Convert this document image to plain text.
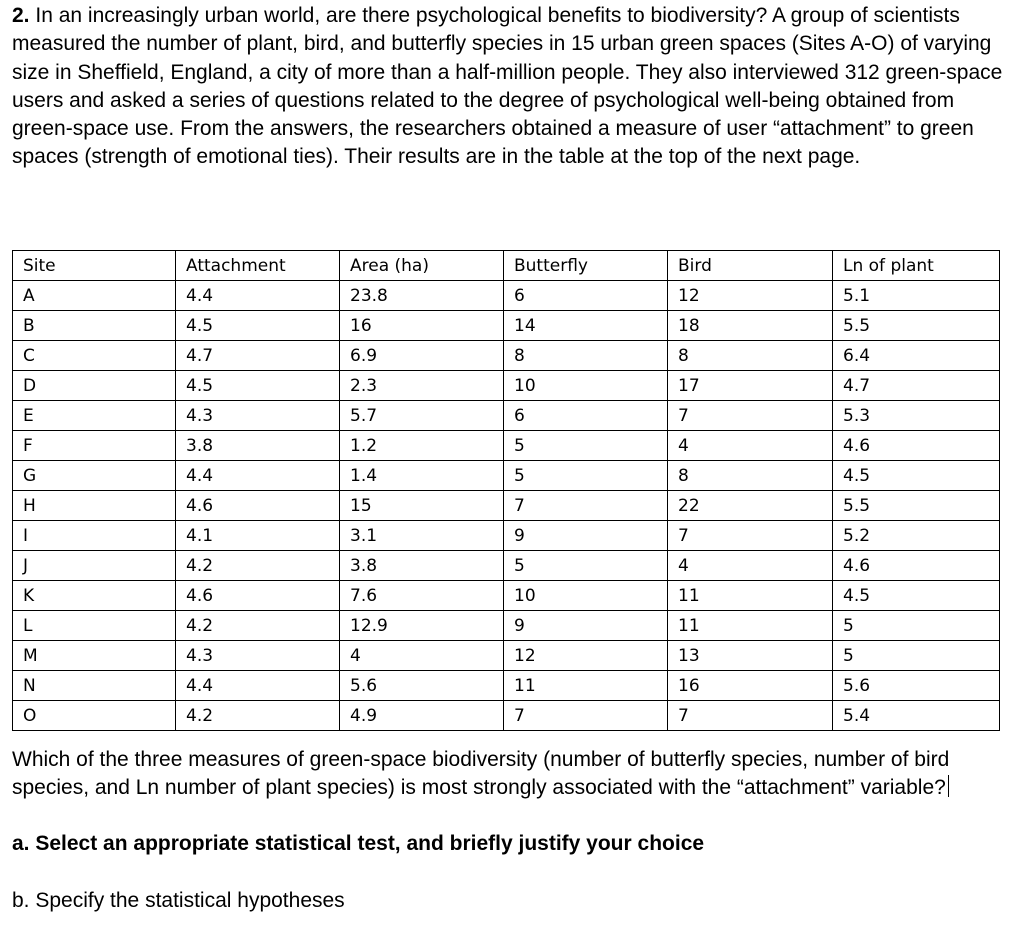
2. In an increasingly urban world, are there psychological benefits to biodiversity? A group of scientists measured the number of plant, bird, and butterfly species in 15 urban green spaces (Sites A-O) of varying size in Sheffield, England, a city of more than a half-million people. They also interviewed 312 green-space users and asked a series of questions related to the degree of psychological well-being obtained from green-space use. From the answers, the researchers obtained a measure of user “attachment” to green spaces (strength of emotional ties). Their results are in the table at the top of the next page.
Site	Attachment	Area (ha)	Butterfly	Bird	Ln of plant
A	4.4	23.8	6	12	5.1
B	4.5	16	14	18	5.5
C	4.7	6.9	8	8	6.4
D	4.5	2.3	10	17	4.7
E	4.3	5.7	6	7	5.3
F	3.8	1.2	5	4	4.6
G	4.4	1.4	5	8	4.5
H	4.6	15	7	22	5.5
I	4.1	3.1	9	7	5.2
J	4.2	3.8	5	4	4.6
K	4.6	7.6	10	11	4.5
L	4.2	12.9	9	11	5
M	4.3	4	12	13	5
N	4.4	5.6	11	16	5.6
O	4.2	4.9	7	7	5.4
Which of the three measures of green-space biodiversity (number of butterfly species, number of bird species, and Ln number of plant species) is most strongly associated with the “attachment” variable?
a. Select an appropriate statistical test, and briefly justify your choice
b. Specify the statistical hypotheses
